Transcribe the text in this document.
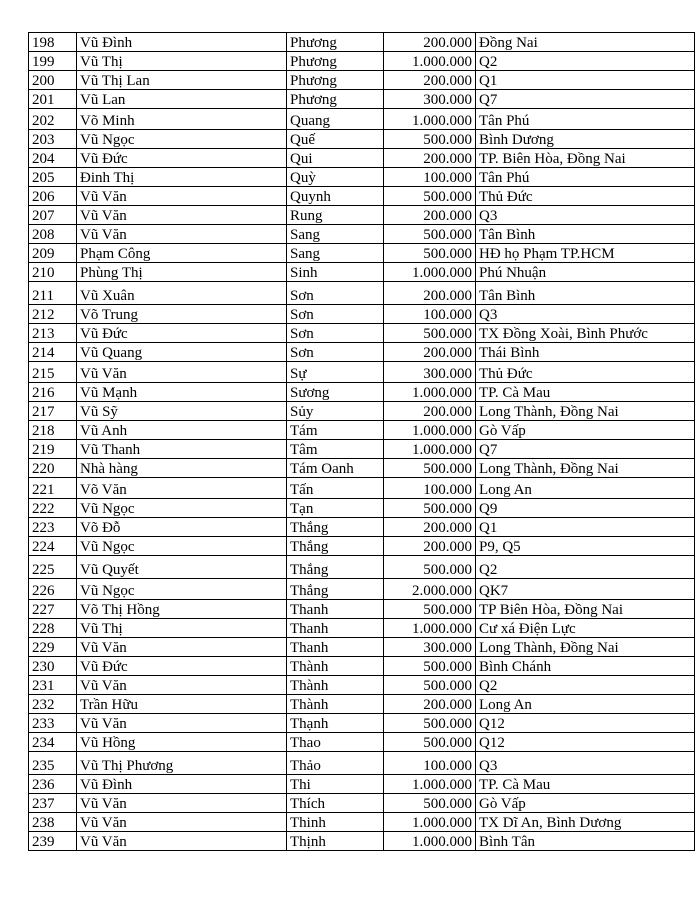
198	Vũ Đình	Phương	200.000	Đồng Nai
199	Vũ Thị	Phương	1.000.000	Q2
200	Vũ Thị Lan	Phương	200.000	Q1
201	Vũ Lan	Phương	300.000	Q7
202	Võ Minh	Quang	1.000.000	Tân Phú
203	Vũ Ngọc	Quế	500.000	Bình Dương
204	Vũ Đức	Qui	200.000	TP. Biên Hòa, Đồng Nai
205	Đinh Thị	Quỳ	100.000	Tân Phú
206	Vũ Văn	Quynh	500.000	Thủ Đức
207	Vũ Văn	Rung	200.000	Q3
208	Vũ Văn	Sang	500.000	Tân Bình
209	Phạm Công	Sang	500.000	HĐ họ Phạm TP.HCM
210	Phùng Thị	Sinh	1.000.000	Phú Nhuận
211	Vũ Xuân	Sơn	200.000	Tân Bình
212	Võ Trung	Sơn	100.000	Q3
213	Vũ Đức	Sơn	500.000	TX Đồng Xoài, Bình Phước
214	Vũ Quang	Sơn	200.000	Thái Bình
215	Vũ Văn	Sự	300.000	Thủ Đức
216	Vũ Mạnh	Sương	1.000.000	TP. Cà Mau
217	Vũ Sỹ	Sủy	200.000	Long Thành, Đồng Nai
218	Vũ Anh	Tám	1.000.000	Gò Vấp
219	Vũ Thanh	Tâm	1.000.000	Q7
220	Nhà hàng	Tám Oanh	500.000	Long Thành, Đồng Nai
221	Võ Văn	Tấn	100.000	Long An
222	Vũ Ngọc	Tạn	500.000	Q9
223	Võ Đỗ	Thắng	200.000	Q1
224	Vũ Ngọc	Thắng	200.000	P9, Q5
225	Vũ Quyết	Thắng	500.000	Q2
226	Vũ Ngọc	Thắng	2.000.000	QK7
227	Võ Thị Hồng	Thanh	500.000	TP Biên Hòa, Đồng Nai
228	Vũ Thị	Thanh	1.000.000	Cư xá Điện Lực
229	Vũ Văn	Thanh	300.000	Long Thành, Đồng Nai
230	Vũ Đức	Thành	500.000	Bình Chánh
231	Vũ Văn	Thành	500.000	Q2
232	Trần Hữu	Thành	200.000	Long An
233	Vũ Văn	Thạnh	500.000	Q12
234	Vũ Hồng	Thao	500.000	Q12
235	Vũ Thị Phương	Thảo	100.000	Q3
236	Vũ Đình	Thi	1.000.000	TP. Cà Mau
237	Vũ Văn	Thích	500.000	Gò Vấp
238	Vũ Văn	Thinh	1.000.000	TX Dĩ An, Bình Dương
239	Vũ Văn	Thịnh	1.000.000	Bình Tân
